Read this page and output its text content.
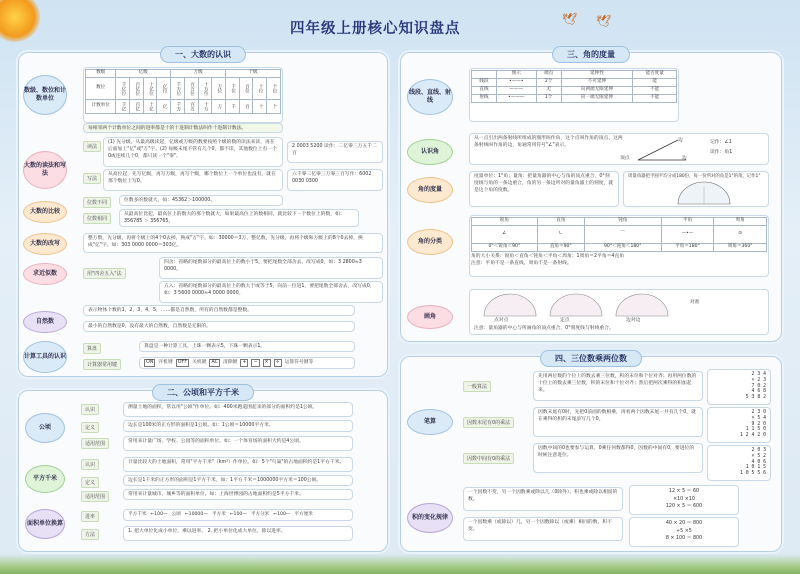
🕊 🕊
四年级上册核心知识盘点
一、大数的认识
数级、数位和计数单位
数级	亿级				万级				个级			
数位	千亿位	百亿位	十亿位	亿位	千万位	百万位	十万位	万位	千位	百位	十位	个位
计数单位	千亿	百亿	十亿	亿	千万	百万	十万	万	千	百	十	个
每相邻两个计数单位之间的进率都是十的十进制计数法叫作十进制计数法。
大数的读法和写法
读法
(1) 先分级，从最高级读起，亿级或万级的数要按照个级的数的读法来读，再在后面加上"亿"或"万"字。(2) 每级末尾不管有几个0，都不读，其他数位上有一个0或连续几个0，都只读一个"零"。
2 0003 5200 读作：二亿零三万五千二百
写法
从高位起，先写亿级，再写万级，再写个级，哪个数位上一个单位也没有，就在那个数位上写0。
六千零二亿零三万零三百写作：6002 0030 0300
大数的比较
位数不同	位数多的数就大，如：45362＞100000。
位数相同
从最高位比起，最高位上的数大的那个数就大，如果最高位上的数相同，就比较下一个数位上的数，如：356785 ＞ 356765。
大数的改写
整万数，先分级，再将个级上的4个0去掉，换成"万"字。如：30000＝3万。整亿数，先分级，再将个级和万级上的8个0去掉，换成"亿"字。如：303 0000 0000＝303亿。
求近似数	用"四舍五入"法
四舍：省略的尾数部分的最高位上的数小于5，要把尾数全部舍去，改写成0，如：3 2800≈3 0000。
五入：省略的尾数部分的最高位上的数大于或等于5，向前一位进1，要把尾数全部舍去，改写成0，如：3 5600 0000≈4 0000 0000。
自然数
表示物体个数的1，2，3，4，5，……都是自然数，所有的自然数都是整数。
最小的自然数是0，没有最大的自然数，自然数是无限的。
计算工具的认识
算盘	算盘是一种计算工具，上珠一颗表示5，下珠一颗表示1。
计算器常用键	ON	开机键	OFF	关机键	AC	清除键	+	−	×	÷	运算符号键等
二、公顷和平方千米
公顷
认识	测量土地的面积，常以用"公顷"作单位。如：400米跑道围起来的部分的面积约是1公顷。
定义	边长是100米的正方形的面积是1公顷。如：1公顷＝10000平方米。
适用范围	常用来计量广场、学校、公园等的面积单位。如：一个体育场的面积大约是4公顷。
平方千米
认识	计量比较大的土地面积，常用"平方千米"（km²）作单位。如：5个"鸟巢"的占地面积约是1平方千米。
定义	边长是1千米的正方形的面积是1平方千米。如：1平方千米＝1000000平方米＝100公顷。
适用范围	常用来计量城市、城乡等的面积单位。如：上海世博园的占地面积约是5平方千米。
面积单位换算
进率	平方千米 ←100— 公顷 ←10000— 平方米 ←100— 平方分米 ←100— 平方厘米
方法
1. 把大单位化成小单位，乘以进率。 2. 把小单位化成大单位，除以进率。
三、角的度量
线段、直线、射线
	图示	端点	延伸性	能否度量
线段	•——•	2个	不可延伸	能
直线	———	无	向两端无限延伸	不能
射线	•———	1个	向一端无限延伸	不能
认识角
从一点引出两条射线所组成的图形叫作角，这个点叫作角的顶点，这两条射线叫作角的边，角通常用符号"∠"表示。
顶点
边
边
记作：∠1
读作：角1
角的度量
度量单位：1°角；量角：把量角器的中心与角的顶点重合，0°刻度线与角的一条边重合，角的另一条边所对的量角器上的刻度，就是这个角的度数。
周量角器把半圆平均分成180份，每一份所对的角是1°的角，记作1°
角的分类
锐角	直角	钝角	平角	周角
∠	∟	⌒	—•—	⊙
0°＜锐角＜90°	直角＝90°	90°＜钝角＜180°	平角＝180°	周角＝360°
角的大小关系：锐角＜直角＜钝角＜平角＜周角；1周角＝2平角＝4直角
注意：平角不是一条直线，周角不是一条射线。
画角
点对点	定点	边对边
对准
注意：量角器的中心与所画角的顶点重合，0°刻度线与射线重合。
四、三位数乘两位数
笔算
一般算法
先用两位数的个位上的数去乘三位数，积的末位和个位对齐；再用两位数的十位上的数去乘三位数，积的末位和十位对齐；然后把两次乘得的积加起来。
因数末尾有0的乘法
因数末尾有0时，先把0前面的数相乘，再看两个因数末尾一共有几个0，就在乘得的积的末尾添写几个0。
因数中间有0的乘法
因数中间的0也要参与运算，0乘任何数都得0，因数的中间有0，要进位的时候注意进位。
2 3 4
× 2 3
7 0 2
4 6 8
5 3 8 2
2 3 0
× 5 4
9 2 0
1 1 5 0
1 2 4 2 0
2 0 3
× 5 2
4 0 6
1 0 1 5
1 0 5 5 6
积的变化规律
一个因数不变，另一个因数乘或除以几（0除外），积也乘或除以相同的数。
一个因数乘（或除以）几，另一个因数除以（或乘）相同的数，积不变。
12 × 5 ＝ 60
×10 ×10
120 × 5 ＝ 600
40 × 20 ＝ 800
÷5 ×5
8 × 100 ＝ 800
